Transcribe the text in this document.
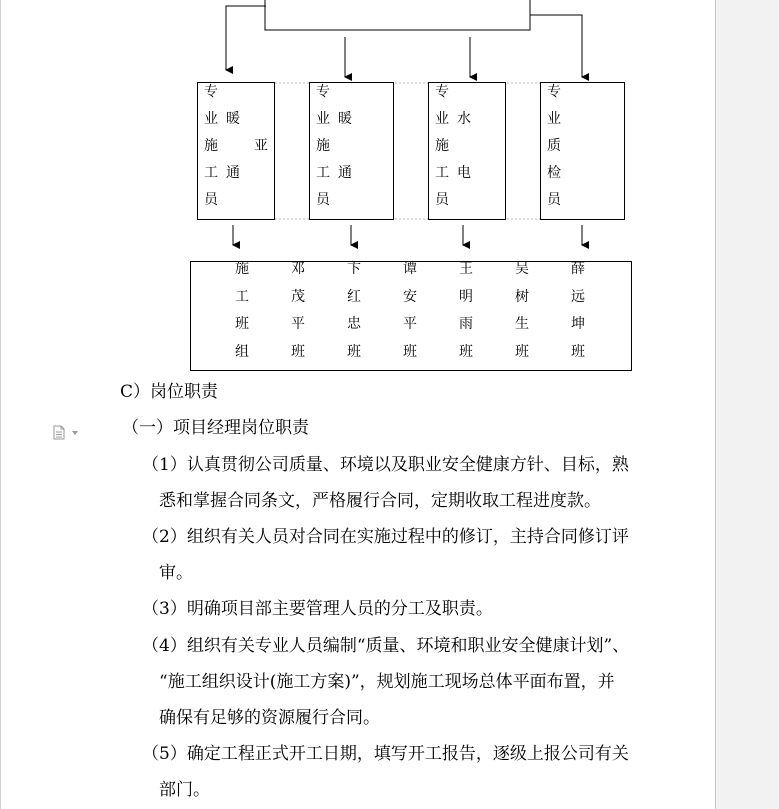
专
业 暖
施	亚
工 通
员
专
业 暖
施
工 通
员
专
业 水
施
工 电
员
专
业
质
检
员
施
工
班
组
邓
茂
平
班
卞
红
忠
班
谭
安
平
班
王
明
雨
班
吴
树
生
班
薛
远
坤
班
C）岗位职责
（一）项目经理岗位职责
（1）认真贯彻公司质量、环境以及职业安全健康方针、目标，熟
悉和掌握合同条文，严格履行合同，定期收取工程进度款。
（2）组织有关人员对合同在实施过程中的修订，主持合同修订评
审。
（3）明确项目部主要管理人员的分工及职责。
（4）组织有关专业人员编制“质量、环境和职业安全健康计划”、
“施工组织设计(施工方案)”，规划施工现场总体平面布置，并
确保有足够的资源履行合同。
（5）确定工程正式开工日期，填写开工报告，逐级上报公司有关
部门。
